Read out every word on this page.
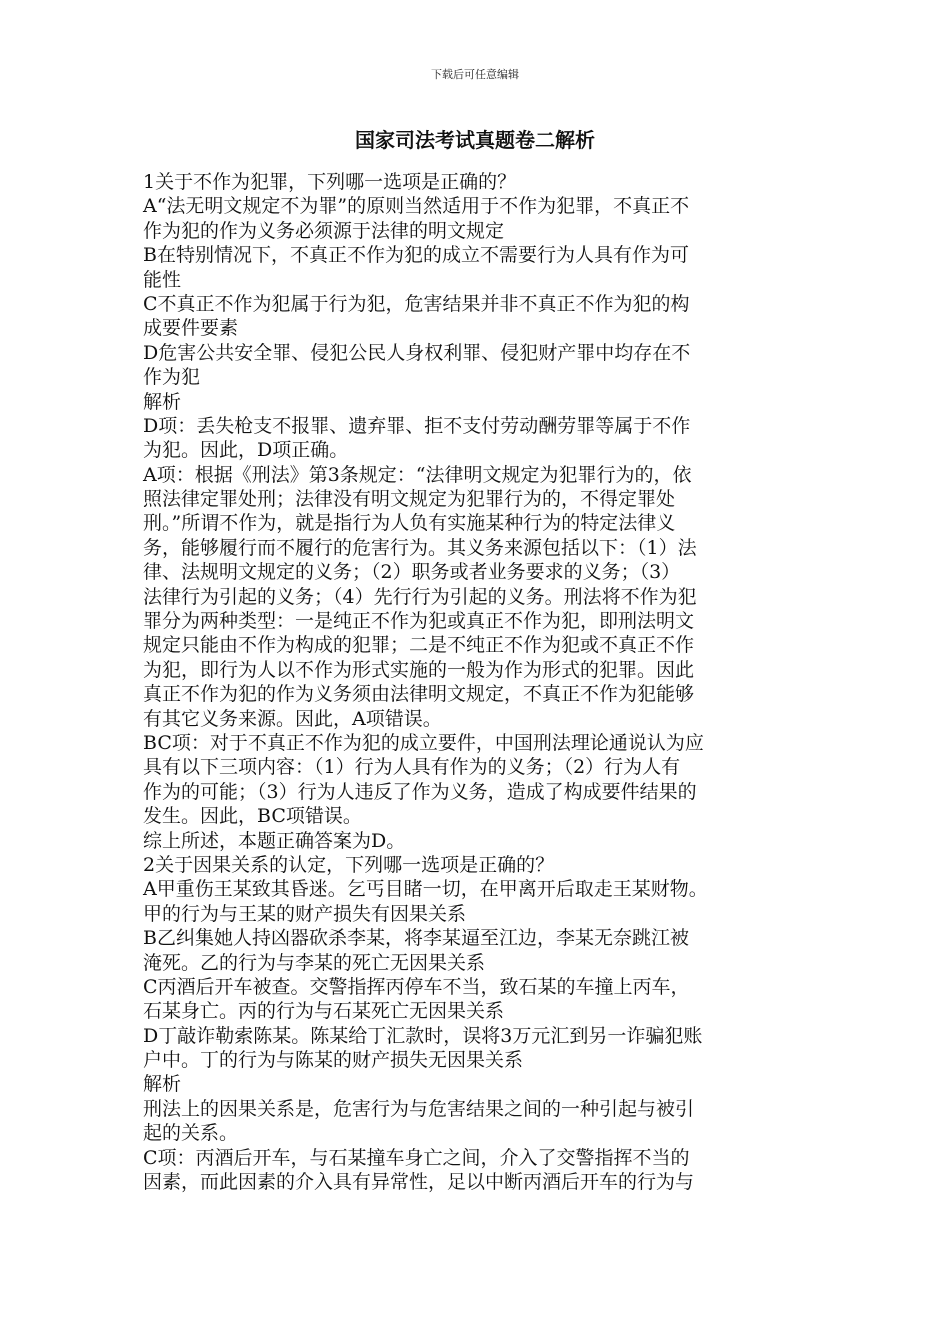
下载后可任意编辑
国家司法考试真题卷二解析
1关于不作为犯罪，下列哪一选项是正确的？
A“法无明文规定不为罪”的原则当然适用于不作为犯罪，不真正不
作为犯的作为义务必须源于法律的明文规定
B在特别情况下，不真正不作为犯的成立不需要行为人具有作为可
能性
C不真正不作为犯属于行为犯，危害结果并非不真正不作为犯的构
成要件要素
D危害公共安全罪、侵犯公民人身权利罪、侵犯财产罪中均存在不
作为犯
解析
D项：丢失枪支不报罪、遗弃罪、拒不支付劳动酬劳罪等属于不作
为犯。因此，D项正确。
A项：根据《刑法》第3条规定：“法律明文规定为犯罪行为的，依
照法律定罪处刑；法律没有明文规定为犯罪行为的，不得定罪处
刑。”所谓不作为，就是指行为人负有实施某种行为的特定法律义
务，能够履行而不履行的危害行为。其义务来源包括以下：（1）法
律、法规明文规定的义务；（2）职务或者业务要求的义务；（3）
法律行为引起的义务；（4）先行行为引起的义务。刑法将不作为犯
罪分为两种类型：一是纯正不作为犯或真正不作为犯，即刑法明文
规定只能由不作为构成的犯罪；二是不纯正不作为犯或不真正不作
为犯，即行为人以不作为形式实施的一般为作为形式的犯罪。因此
真正不作为犯的作为义务须由法律明文规定，不真正不作为犯能够
有其它义务来源。因此，A项错误。
BC项：对于不真正不作为犯的成立要件，中国刑法理论通说认为应
具有以下三项内容：（1）行为人具有作为的义务；（2）行为人有
作为的可能；（3）行为人违反了作为义务，造成了构成要件结果的
发生。因此，BC项错误。
综上所述，本题正确答案为D。
2关于因果关系的认定，下列哪一选项是正确的？
A甲重伤王某致其昏迷。乞丐目睹一切，在甲离开后取走王某财物。
甲的行为与王某的财产损失有因果关系
B乙纠集她人持凶器砍杀李某，将李某逼至江边，李某无奈跳江被
淹死。乙的行为与李某的死亡无因果关系
C丙酒后开车被查。交警指挥丙停车不当，致石某的车撞上丙车，
石某身亡。丙的行为与石某死亡无因果关系
D丁敲诈勒索陈某。陈某给丁汇款时，误将3万元汇到另一诈骗犯账
户中。丁的行为与陈某的财产损失无因果关系
解析
刑法上的因果关系是，危害行为与危害结果之间的一种引起与被引
起的关系。
C项：丙酒后开车，与石某撞车身亡之间，介入了交警指挥不当的
因素，而此因素的介入具有异常性，足以中断丙酒后开车的行为与
